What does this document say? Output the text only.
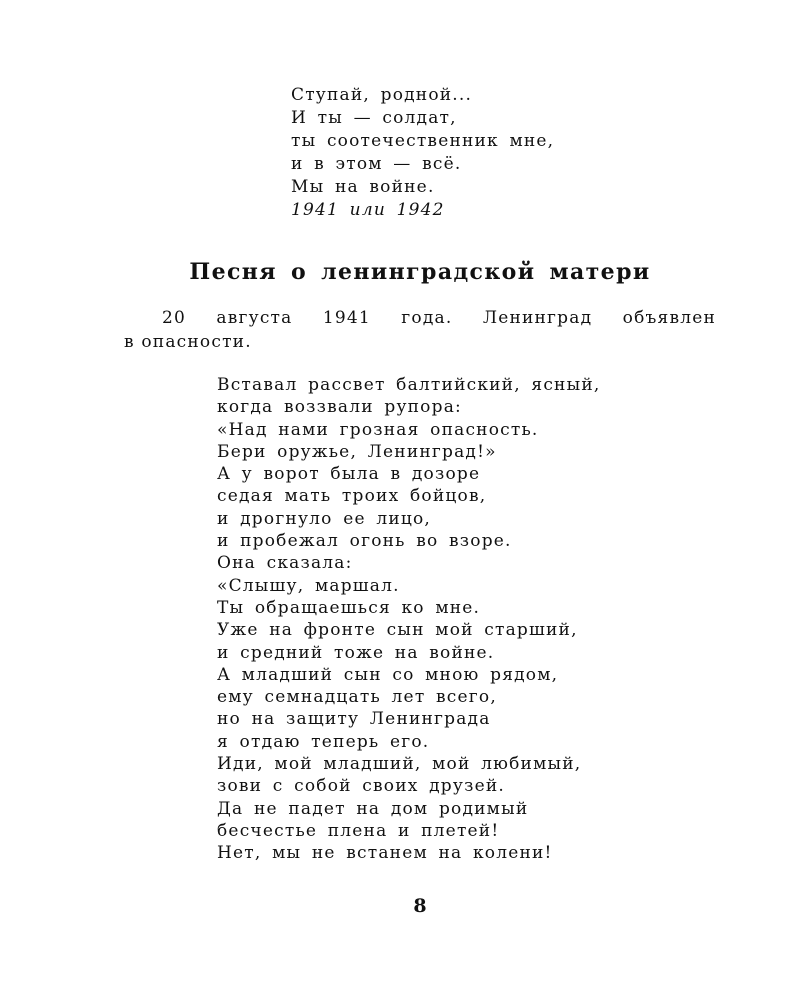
Ступай, родной...
И ты — солдат,
ты соотечественник мне,
и в этом — всё.
Мы на войне.
1941 или 1942
Песня о ленинградской матери

20 августа 1941 года. Ленинград объявлен
в опасности.

Вставал рассвет балтийский, ясный,
когда воззвали рупора:
«Над нами грозная опасность.
Бери оружье, Ленинград!»
А у ворот была в дозоре
седая мать троих бойцов,
и дрогнуло ее лицо,
и пробежал огонь во взоре.
Она сказала:
«Слышу, маршал.
Ты обращаешься ко мне.
Уже на фронте сын мой старший,
и средний тоже на войне.
А младший сын со мною рядом,
ему семнадцать лет всего,
но на защиту Ленинграда
я отдаю теперь его.
Иди, мой младший, мой любимый,
зови с собой своих друзей.
Да не падет на дом родимый
бесчестье плена и плетей!
Нет, мы не встанем на колени!
8
